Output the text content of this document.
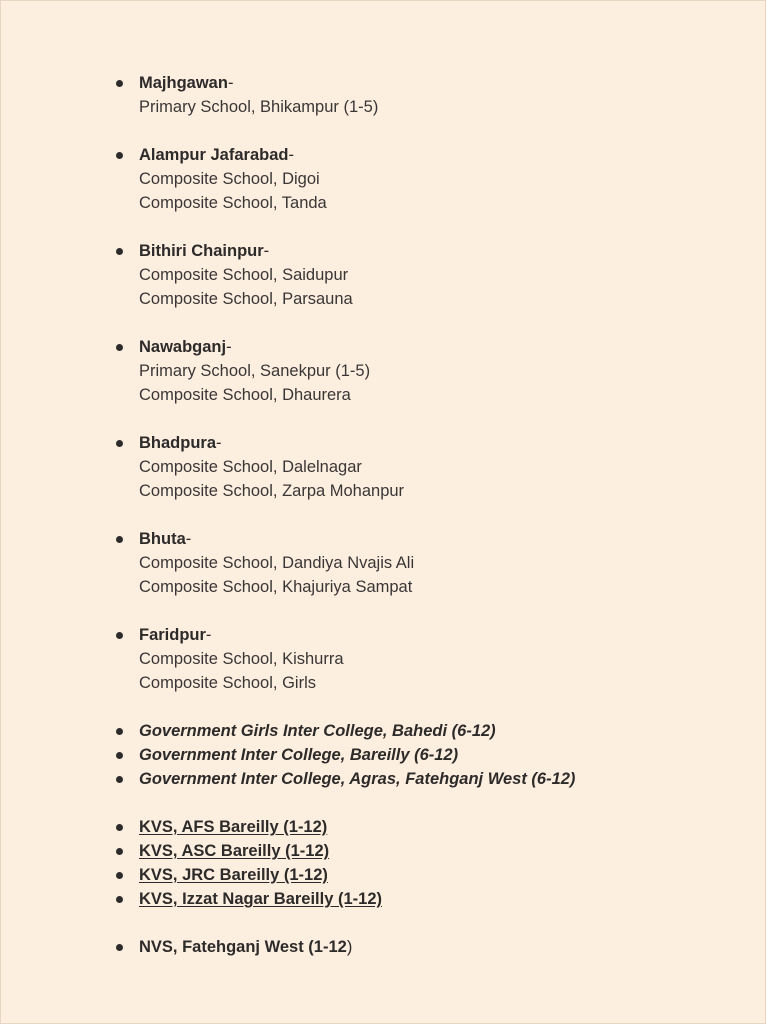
Majhgawan-
Primary School, Bhikampur (1-5)
Alampur Jafarabad-
Composite School, Digoi
Composite School, Tanda
Bithiri Chainpur-
Composite School, Saidupur
Composite School, Parsauna
Nawabganj-
Primary School, Sanekpur (1-5)
Composite School, Dhaurera
Bhadpura-
Composite School, Dalelnagar
Composite School, Zarpa Mohanpur
Bhuta-
Composite School, Dandiya Nvajis Ali
Composite School, Khajuriya Sampat
Faridpur-
Composite School, Kishurra
Composite School, Girls
Government Girls Inter College, Bahedi (6-12)
Government Inter College, Bareilly (6-12)
Government Inter College, Agras, Fatehganj West (6-12)
KVS, AFS Bareilly (1-12)
KVS, ASC Bareilly (1-12)
KVS, JRC Bareilly (1-12)
KVS, Izzat Nagar Bareilly (1-12)
NVS, Fatehganj West (1-12)
